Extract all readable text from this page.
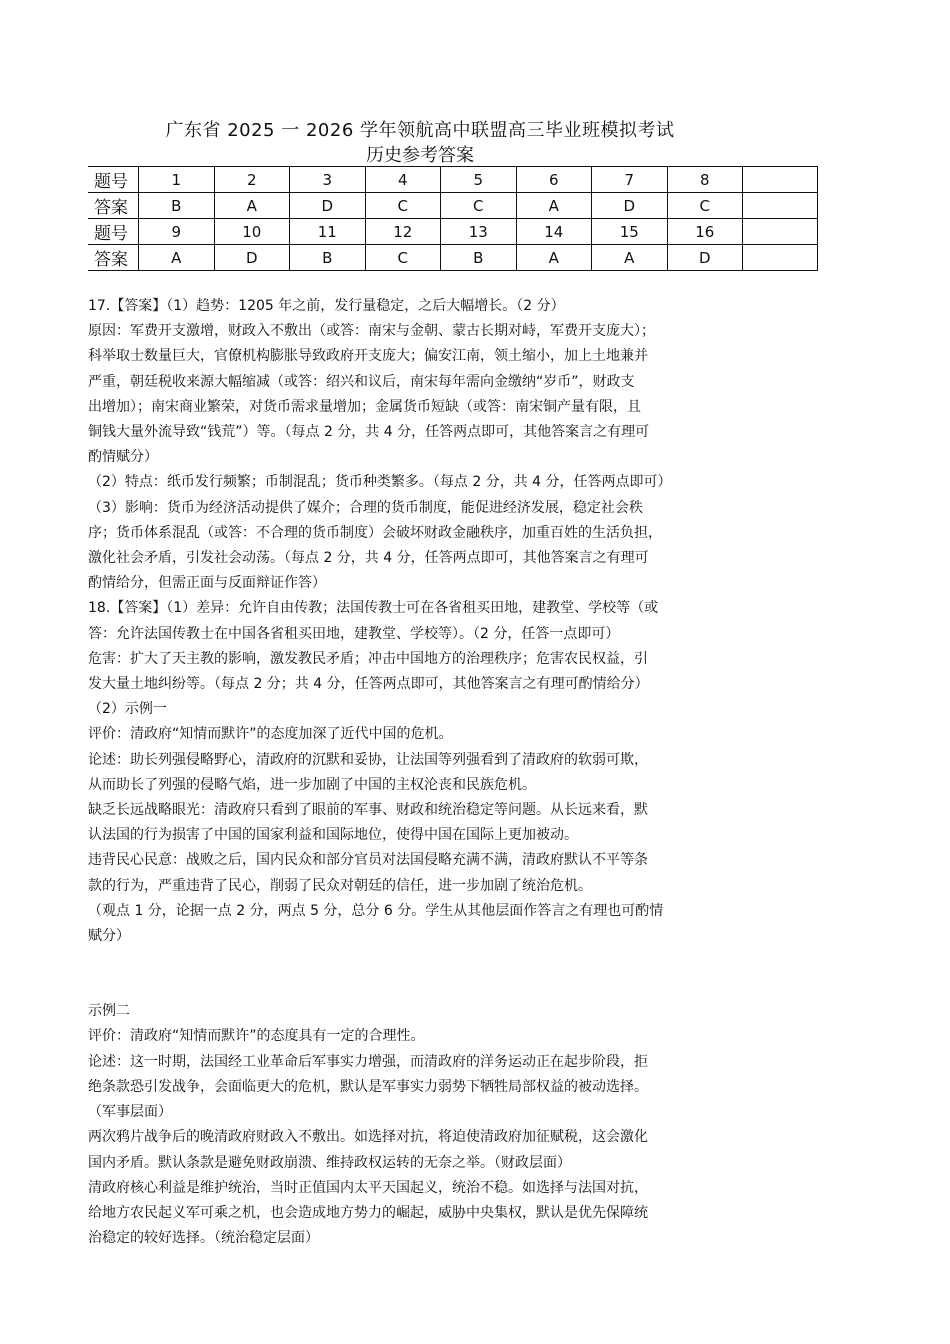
广东省 2025 一 2026 学年领航高中联盟高三毕业班模拟考试
历史参考答案
题号	1	2	3	4	5	6	7	8	
答案	B	A	D	C	C	A	D	C	
题号	9	10	11	12	13	14	15	16	
答案	A	D	B	C	B	A	A	D	

17.【答案】（1）趋势：1205 年之前，发行量稳定，之后大幅增长。（2 分）

原因：军费开支激增，财政入不敷出（或答：南宋与金朝、蒙古长期对峙，军费开支庞大）；

科举取士数量巨大，官僚机构膨胀导致政府开支庞大；偏安江南，领土缩小，加上土地兼并

严重，朝廷税收来源大幅缩减（或答：绍兴和议后，南宋每年需向金缴纳“岁币”，财政支

出增加）；南宋商业繁荣，对货币需求量增加；金属货币短缺（或答：南宋铜产量有限，且

铜钱大量外流导致“钱荒”）等。（每点 2 分，共 4 分，任答两点即可，其他答案言之有理可

酌情赋分）

（2）特点：纸币发行频繁；币制混乱；货币种类繁多。（每点 2 分，共 4 分，任答两点即可）

（3）影响：货币为经济活动提供了媒介；合理的货币制度，能促进经济发展，稳定社会秩

序；货币体系混乱（或答：不合理的货币制度）会破坏财政金融秩序，加重百姓的生活负担，

激化社会矛盾，引发社会动荡。（每点 2 分，共 4 分，任答两点即可，其他答案言之有理可

酌情给分，但需正面与反面辩证作答）

18.【答案】（1）差异：允许自由传教；法国传教士可在各省租买田地，建教堂、学校等（或

答：允许法国传教士在中国各省租买田地，建教堂、学校等）。（2 分，任答一点即可）

危害：扩大了天主教的影响，激发教民矛盾；冲击中国地方的治理秩序；危害农民权益，引

发大量土地纠纷等。（每点 2 分；共 4 分，任答两点即可，其他答案言之有理可酌情给分）

（2）示例一

评价：清政府“知情而默许”的态度加深了近代中国的危机。

论述：助长列强侵略野心，清政府的沉默和妥协，让法国等列强看到了清政府的软弱可欺，

从而助长了列强的侵略气焰，进一步加剧了中国的主权沦丧和民族危机。

缺乏长远战略眼光：清政府只看到了眼前的军事、财政和统治稳定等问题。从长远来看，默

认法国的行为损害了中国的国家利益和国际地位，使得中国在国际上更加被动。

违背民心民意：战败之后，国内民众和部分官员对法国侵略充满不满，清政府默认不平等条

款的行为，严重违背了民心，削弱了民众对朝廷的信任，进一步加剧了统治危机。

（观点 1 分，论据一点 2 分，两点 5 分，总分 6 分。学生从其他层面作答言之有理也可酌情

赋分）

示例二

评价：清政府“知情而默许”的态度具有一定的合理性。

论述：这一时期，法国经工业革命后军事实力增强，而清政府的洋务运动正在起步阶段，拒

绝条款恐引发战争，会面临更大的危机，默认是军事实力弱势下牺牲局部权益的被动选择。

（军事层面）

两次鸦片战争后的晚清政府财政入不敷出。如选择对抗，将迫使清政府加征赋税，这会激化

国内矛盾。默认条款是避免财政崩溃、维持政权运转的无奈之举。（财政层面）

清政府核心利益是维护统治，当时正值国内太平天国起义，统治不稳。如选择与法国对抗，

给地方农民起义军可乘之机，也会造成地方势力的崛起，威胁中央集权，默认是优先保障统

治稳定的较好选择。（统治稳定层面）
